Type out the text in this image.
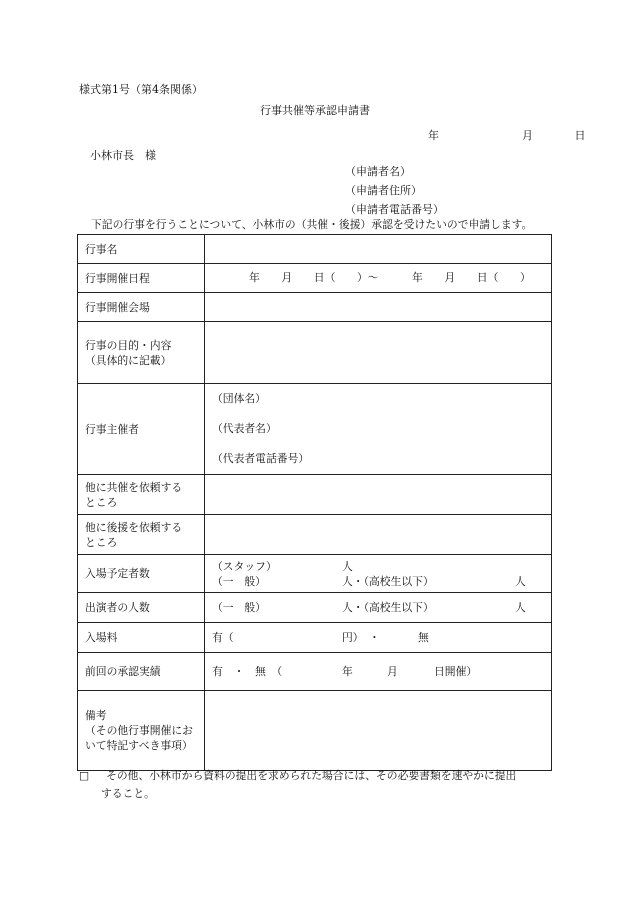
様式第1号（第4条関係）
行事共催等承認申請書
年	月	日
小林市長　様
（申請者名）
（申請者住所）
（申請者電話番号）
下記の行事を行うことについて、小林市の（共催・後援）承認を受けたいので申請します。
行事名	
行事開催日程	年　　月　　日（　　）〜 年　　月　　日（　　）

行事開催会場	

行事の目的・内容
（具体的に記載）	

行事主催者	（団体名）
（代表者名）
（代表者電話番号）

他に共催を依頼する
ところ	

他に後援を依頼する
ところ	

入場予定者数	（スタッフ） 人
（一　般） 人・（高校生以下） 人

出演者の人数	（一　般） 人・（高校生以下） 人

入場料	有（ 円）　・ 無

前回の承認実績	有　・　無　（ 年 月 日開催）

備考
（その他行事開催にお
いて特記すべき事項）	

□ その他、小林市から資料の提出を求められた場合には、その必要書類を速やかに提出
すること。
